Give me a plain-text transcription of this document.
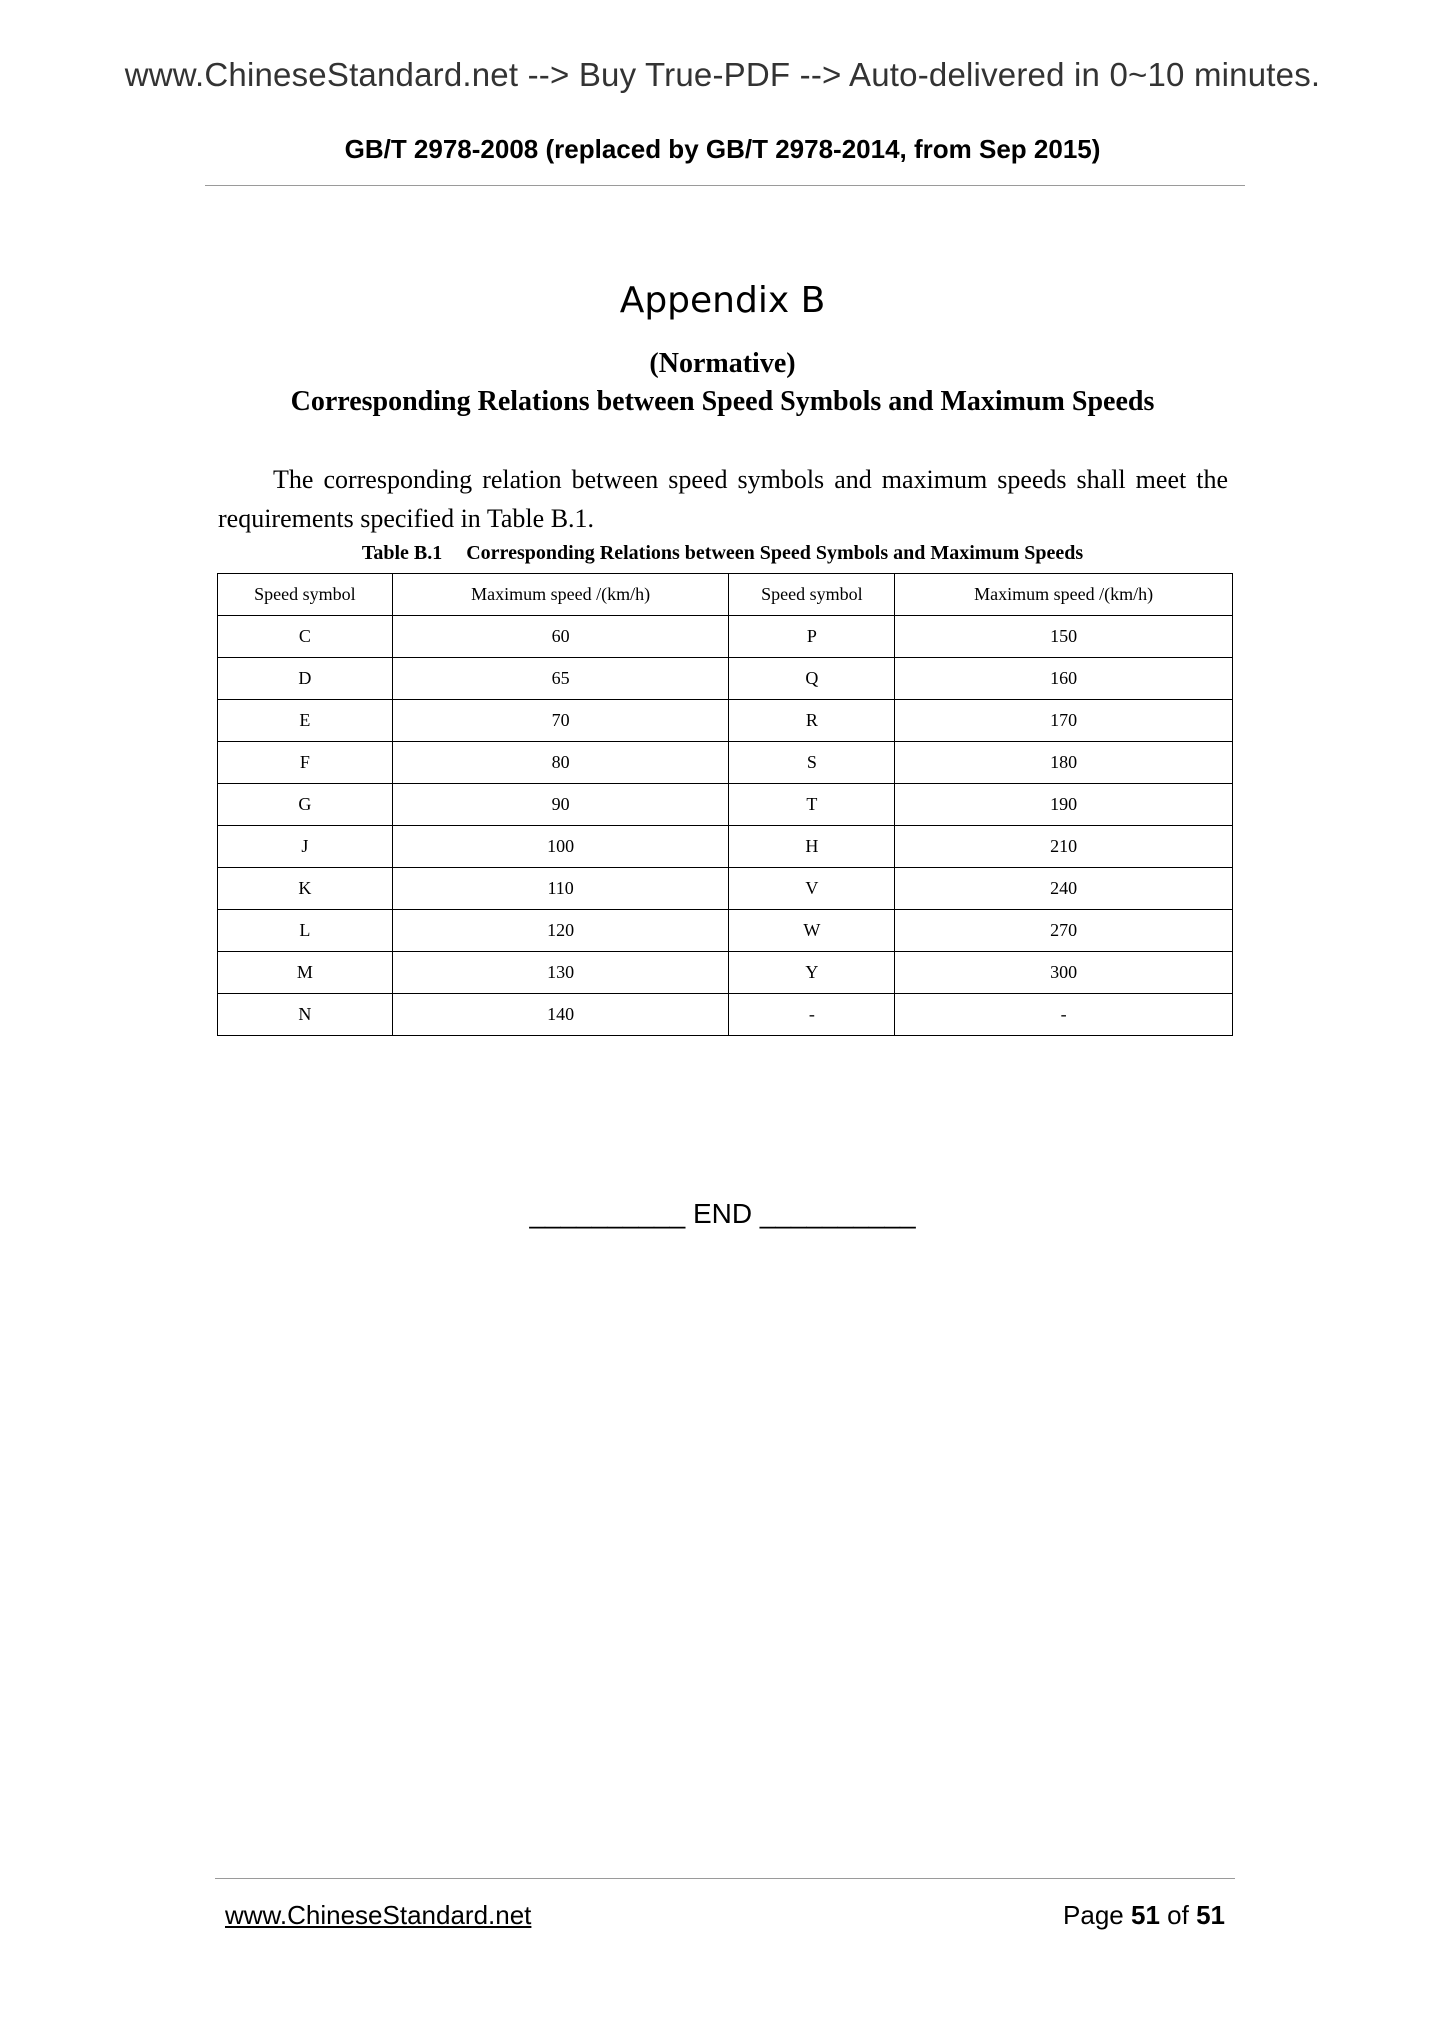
www.ChineseStandard.net --> Buy True-PDF --> Auto-delivered in 0~10 minutes.
GB/T 2978-2008 (replaced by GB/T 2978-2014, from Sep 2015)
Appendix B
(Normative)
Corresponding Relations between Speed Symbols and Maximum Speeds
The corresponding relation between speed symbols and maximum speeds shall meet the requirements specified in Table B.1.
Table B.1 Corresponding Relations between Speed Symbols and Maximum Speeds
Speed symbol	Maximum speed /(km/h)	Speed symbol	Maximum speed /(km/h)
C	60	P	150
D	65	Q	160
E	70	R	170
F	80	S	180
G	90	T	190
J	100	H	210
K	110	V	240
L	120	W	270
M	130	Y	300
N	140	-	-
__________ END __________
www.ChineseStandard.net	Page 51 of 51
